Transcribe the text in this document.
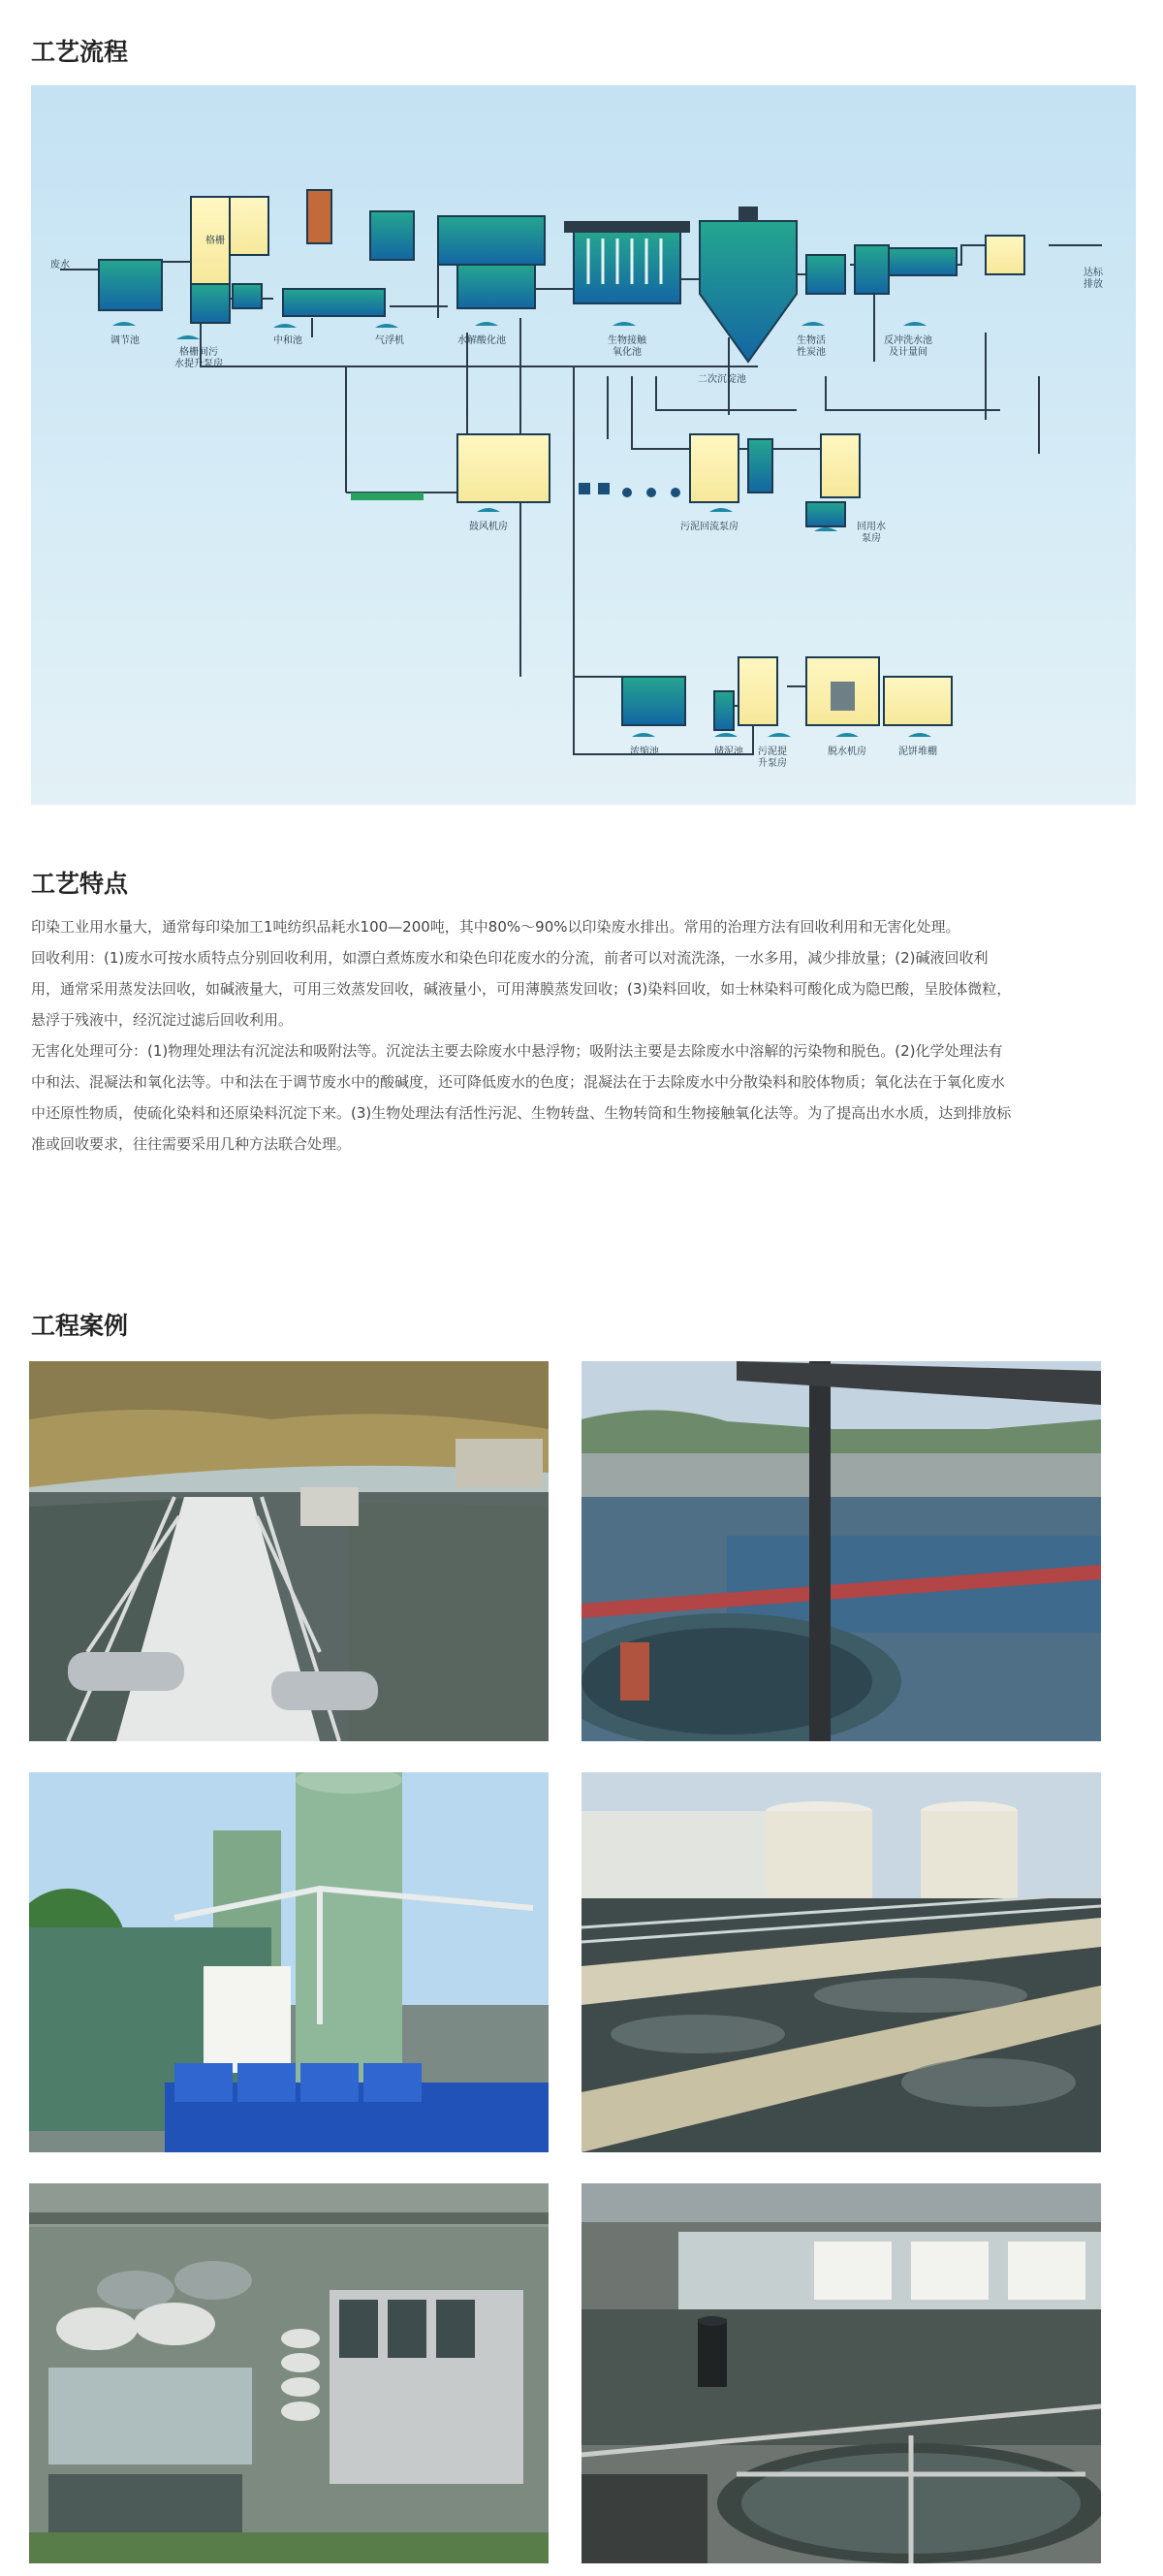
工艺流程
废水
达标
排放
调节池
格栅
格栅间污
水提升泵房
中和池	气浮机	水解酸化池	生物接触
氧化池
二次沉淀池
生物活
性炭池
反冲洗水池
及计量间
鼓风机房	污泥回流泵房	回用水
泵房
浓缩池	储泥池 污泥提
升泵房
脱水机房	泥饼堆棚
工艺特点

印染工业用水量大，通常每印染加工1吨纺织品耗水100—200吨，其中80%～90%以印染废水排出。常用的治理方法有回收利用和无害化处理。

回收利用：(1)废水可按水质特点分别回收利用，如漂白煮炼废水和染色印花废水的分流，前者可以对流洗涤，一水多用，减少排放量；(2)碱液回收利用，通常采用蒸发法回收，如碱液量大，可用三效蒸发回收，碱液量小，可用薄膜蒸发回收；(3)染料回收，如士林染料可酸化成为隐巴酸，呈胶体微粒，悬浮于残液中，经沉淀过滤后回收利用。

无害化处理可分：(1)物理处理法有沉淀法和吸附法等。沉淀法主要去除废水中悬浮物；吸附法主要是去除废水中溶解的污染物和脱色。(2)化学处理法有中和法、混凝法和氧化法等。中和法在于调节废水中的酸碱度，还可降低废水的色度；混凝法在于去除废水中分散染料和胶体物质；氧化法在于氧化废水中还原性物质，使硫化染料和还原染料沉淀下来。(3)生物处理法有活性污泥、生物转盘、生物转筒和生物接触氧化法等。为了提高出水水质，达到排放标准或回收要求，往往需要采用几种方法联合处理。

工程案例
